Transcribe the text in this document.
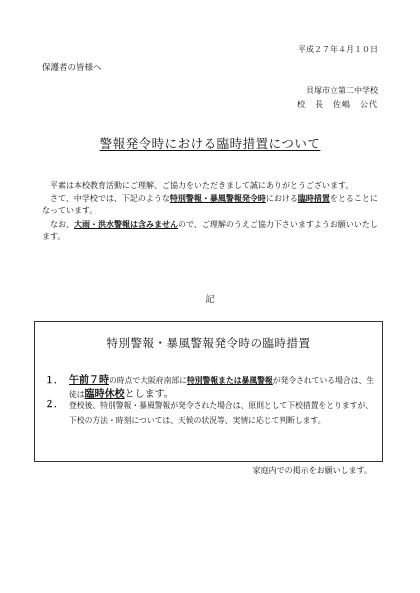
平成２７年４月１０日
保護者の皆様へ
貝塚市立第二中学校
校　長　佐嶋　公代
警報発令時における臨時措置について

平素は本校教育活動にご理解、ご協力をいただきまして誠にありがとうございます。

さて、中学校では、下記のような特別警報・暴風警報発令時における臨時措置をとることになっています。

なお、大雨・洪水警報は含みませんので、ご理解のうえご協力下さいますようお願いいたします。

記
特別警報・暴風警報発令時の臨時措置
１． 午前７時の時点で大阪府南部に特別警報または暴風警報が発令されている場合は、生徒は臨時休校とします。
２． 登校後、特別警報・暴風警報が発令された場合は、原則として下校措置をとりますが、下校の方法・時刻については、天候の状況等、実情に応じて判断します。
家庭内での掲示をお願いします。
